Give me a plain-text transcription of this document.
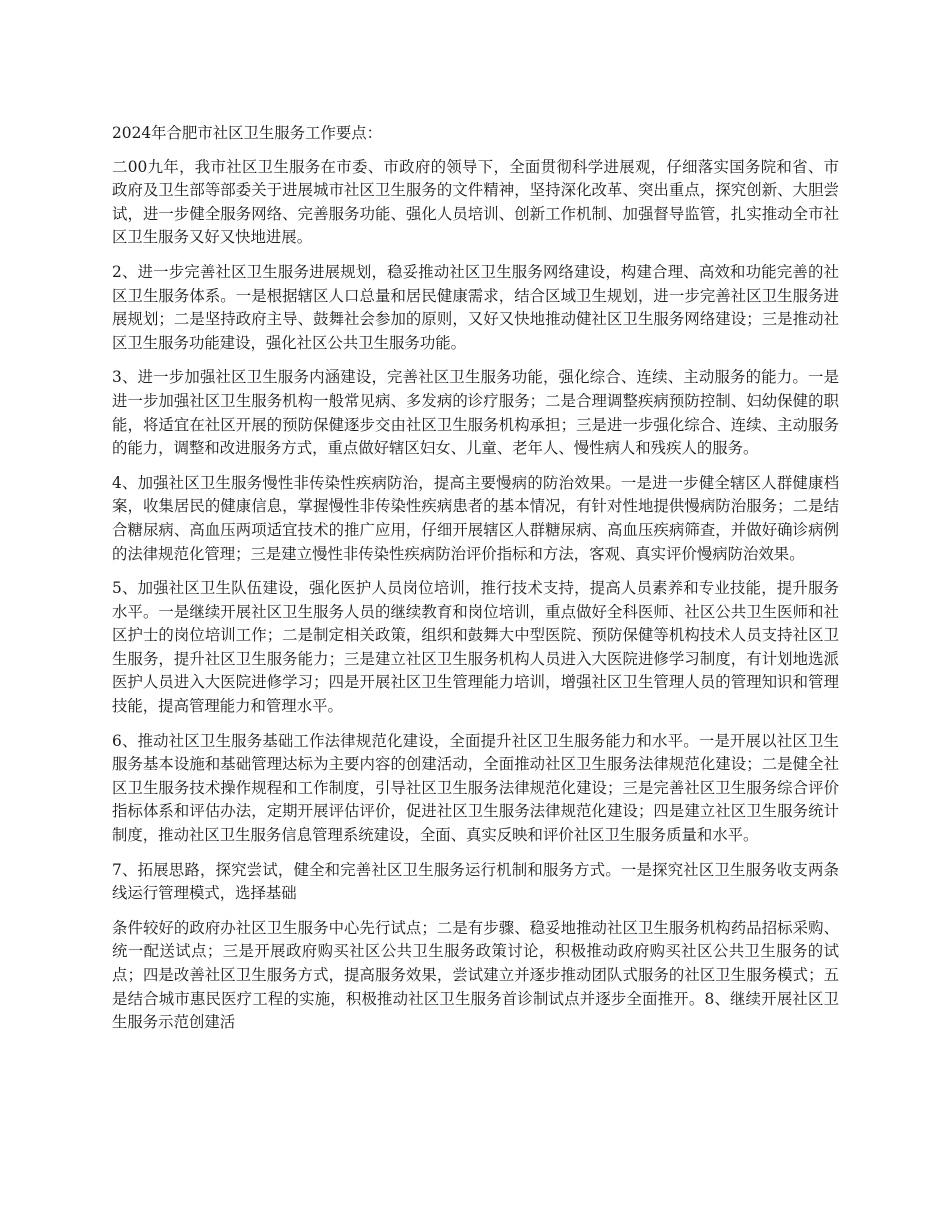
2024年合肥市社区卫生服务工作要点：

二00九年，我市社区卫生服务在市委、市政府的领导下，全面贯彻科学进展观，仔细落实国务院和省、市政府及卫生部等部委关于进展城市社区卫生服务的文件精神，坚持深化改革、突出重点，探究创新、大胆尝试，进一步健全服务网络、完善服务功能、强化人员培训、创新工作机制、加强督导监管，扎实推动全市社区卫生服务又好又快地进展。

2、进一步完善社区卫生服务进展规划，稳妥推动社区卫生服务网络建设，构建合理、高效和功能完善的社区卫生服务体系。一是根据辖区人口总量和居民健康需求，结合区域卫生规划，进一步完善社区卫生服务进展规划；二是坚持政府主导、鼓舞社会参加的原则，又好又快地推动健社区卫生服务网络建设；三是推动社区卫生服务功能建设，强化社区公共卫生服务功能。

3、进一步加强社区卫生服务内涵建设，完善社区卫生服务功能，强化综合、连续、主动服务的能力。一是进一步加强社区卫生服务机构一般常见病、多发病的诊疗服务；二是合理调整疾病预防控制、妇幼保健的职能，将适宜在社区开展的预防保健逐步交由社区卫生服务机构承担；三是进一步强化综合、连续、主动服务的能力，调整和改进服务方式，重点做好辖区妇女、儿童、老年人、慢性病人和残疾人的服务。

4、加强社区卫生服务慢性非传染性疾病防治，提高主要慢病的防治效果。一是进一步健全辖区人群健康档案，收集居民的健康信息，掌握慢性非传染性疾病患者的基本情况，有针对性地提供慢病防治服务；二是结合糖尿病、高血压两项适宜技术的推广应用，仔细开展辖区人群糖尿病、高血压疾病筛查，并做好确诊病例的法律规范化管理；三是建立慢性非传染性疾病防治评价指标和方法，客观、真实评价慢病防治效果。

5、加强社区卫生队伍建设，强化医护人员岗位培训，推行技术支持，提高人员素养和专业技能，提升服务水平。一是继续开展社区卫生服务人员的继续教育和岗位培训，重点做好全科医师、社区公共卫生医师和社区护士的岗位培训工作；二是制定相关政策，组织和鼓舞大中型医院、预防保健等机构技术人员支持社区卫生服务，提升社区卫生服务能力；三是建立社区卫生服务机构人员进入大医院进修学习制度，有计划地选派医护人员进入大医院进修学习；四是开展社区卫生管理能力培训，增强社区卫生管理人员的管理知识和管理技能，提高管理能力和管理水平。

6、推动社区卫生服务基础工作法律规范化建设，全面提升社区卫生服务能力和水平。一是开展以社区卫生服务基本设施和基础管理达标为主要内容的创建活动，全面推动社区卫生服务法律规范化建设；二是健全社区卫生服务技术操作规程和工作制度，引导社区卫生服务法律规范化建设；三是完善社区卫生服务综合评价指标体系和评估办法，定期开展评估评价，促进社区卫生服务法律规范化建设；四是建立社区卫生服务统计制度，推动社区卫生服务信息管理系统建设，全面、真实反映和评价社区卫生服务质量和水平。

7、拓展思路，探究尝试，健全和完善社区卫生服务运行机制和服务方式。一是探究社区卫生服务收支两条线运行管理模式，选择基础

条件较好的政府办社区卫生服务中心先行试点；二是有步骤、稳妥地推动社区卫生服务机构药品招标采购、统一配送试点；三是开展政府购买社区公共卫生服务政策讨论，积极推动政府购买社区公共卫生服务的试点；四是改善社区卫生服务方式，提高服务效果，尝试建立并逐步推动团队式服务的社区卫生服务模式；五是结合城市惠民医疗工程的实施，积极推动社区卫生服务首诊制试点并逐步全面推开。8、继续开展社区卫生服务示范创建活
